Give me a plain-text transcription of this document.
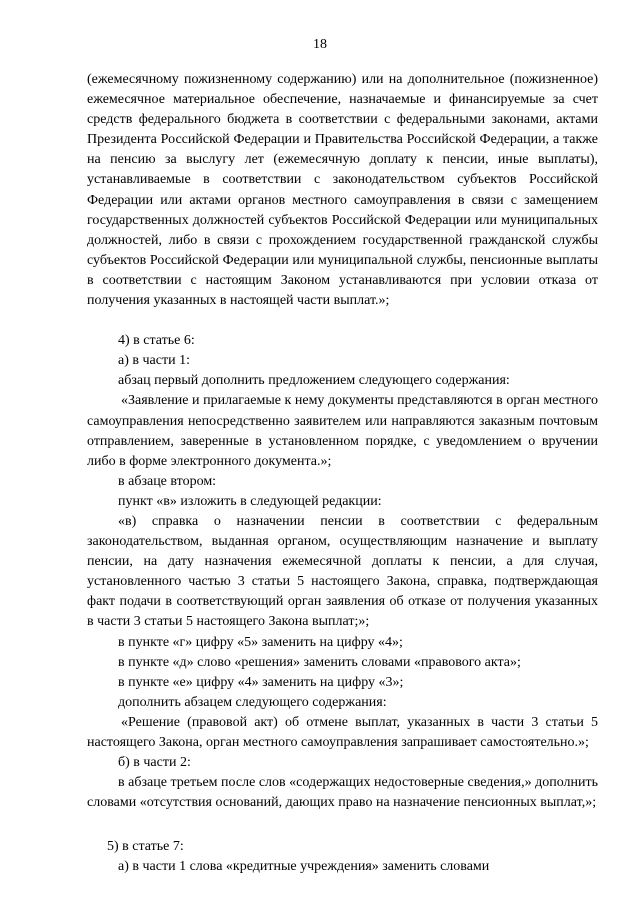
18

(ежемесячному пожизненному содержанию) или на дополнительное (пожизненное) ежемесячное материальное обеспечение, назначаемые и финансируемые за счет средств федерального бюджета в соответствии с федеральными законами, актами Президента Российской Федерации и Правительства Российской Федерации, а также на пенсию за выслугу лет (ежемесячную доплату к пенсии, иные выплаты), устанавливаемые в соответствии с законодательством субъектов Российской Федерации или актами органов местного самоуправления в связи с замещением государственных должностей субъектов Российской Федерации или муниципальных должностей, либо в связи с прохождением государственной гражданской службы субъектов Российской Федерации или муниципальной службы, пенсионные выплаты в соответствии с настоящим Законом устанавливаются при условии отказа от получения указанных в настоящей части выплат.»;

4) в статье 6:

а) в части 1:

абзац первый дополнить предложением следующего содержания:

«Заявление и прилагаемые к нему документы представляются в орган местного самоуправления непосредственно заявителем или направляются заказным почтовым отправлением, заверенные в установленном порядке, с уведомлением о вручении либо в форме электронного документа.»;

в абзаце втором:

пункт «в» изложить в следующей редакции:

«в) справка о назначении пенсии в соответствии с федеральным законодательством, выданная органом, осуществляющим назначение и выплату пенсии, на дату назначения ежемесячной доплаты к пенсии, а для случая, установленного частью 3 статьи 5 настоящего Закона, справка, подтверждающая факт подачи в соответствующий орган заявления об отказе от получения указанных в части 3 статьи 5 настоящего Закона выплат;»;

в пункте «г» цифру «5» заменить на цифру «4»;

в пункте «д» слово «решения» заменить словами «правового акта»;

в пункте «е» цифру «4» заменить на цифру «3»;

дополнить абзацем следующего содержания:

«Решение (правовой акт) об отмене выплат, указанных в части 3 статьи 5 настоящего Закона, орган местного самоуправления запрашивает самостоятельно.»;

б) в части 2:

в абзаце третьем после слов «содержащих недостоверные сведения,» дополнить словами «отсутствия оснований, дающих право на назначение пенсионных выплат,»;

5) в статье 7:

а) в части 1 слова «кредитные учреждения» заменить словами
